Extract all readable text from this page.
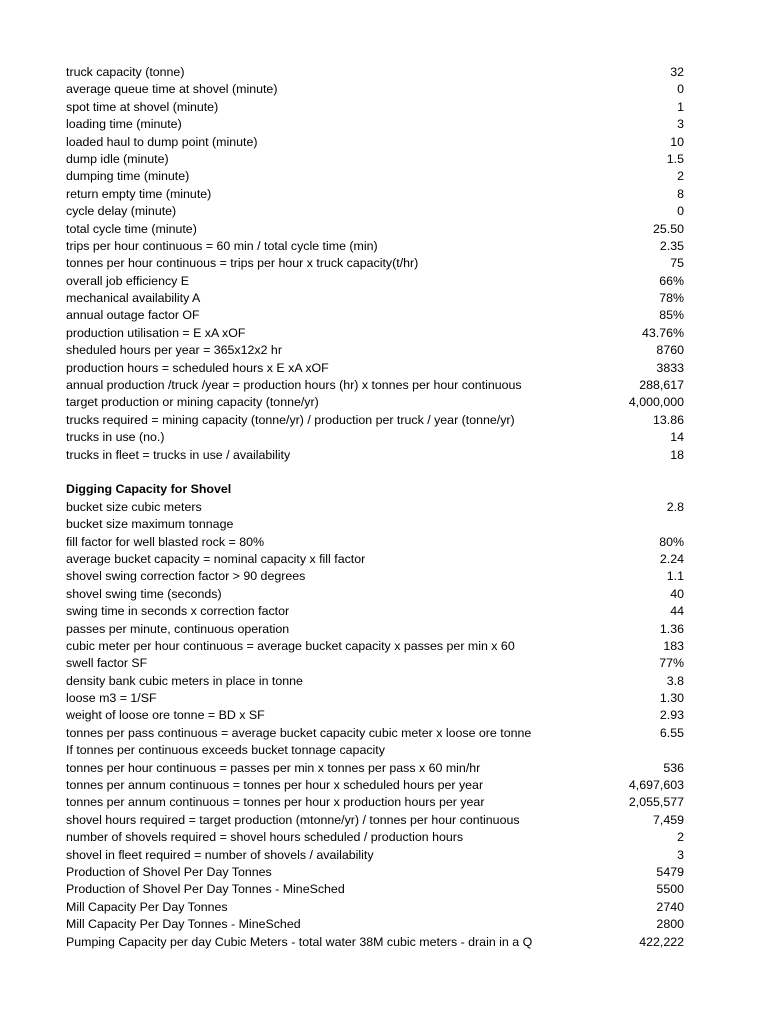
truck capacity (tonne)	32
average queue time at shovel (minute)	0
spot time at shovel (minute)	1
loading time (minute)	3
loaded haul to dump point (minute)	10
dump idle (minute)	1.5
dumping time (minute)	2
return empty time (minute)	8
cycle delay (minute)	0
total cycle time (minute)	25.50
trips per hour continuous = 60 min / total cycle time (min)	2.35
tonnes per hour continuous = trips per hour x truck capacity(t/hr)	75
overall job efficiency E	66%
mechanical availability A	78%
annual outage factor OF	85%
production utilisation = E xA xOF	43.76%
sheduled hours per year = 365x12x2 hr	8760
production hours = scheduled hours x E xA xOF	3833
annual production /truck /year = production hours (hr) x tonnes per hour continuous	288,617
target production or mining capacity (tonne/yr)	4,000,000
trucks required = mining capacity (tonne/yr) / production per truck / year (tonne/yr)	13.86
trucks in use (no.)	14
trucks in fleet = trucks in use / availability	18
Digging Capacity for Shovel
bucket size cubic meters	2.8
bucket size maximum tonnage
fill factor for well blasted rock = 80%	80%
average bucket capacity = nominal capacity x fill factor	2.24
shovel swing correction factor > 90 degrees	1.1
shovel swing time (seconds)	40
swing time in seconds x correction factor	44
passes per minute, continuous operation	1.36
cubic meter per hour continuous = average bucket capacity x passes per min x 60	183
swell factor SF	77%
density bank cubic meters in place in tonne	3.8
loose m3 = 1/SF	1.30
weight of loose ore tonne = BD x SF	2.93
tonnes per pass continuous = average bucket capacity cubic meter x loose ore tonne	6.55
If tonnes per continuous exceeds bucket tonnage capacity
tonnes per hour continuous = passes per min x tonnes per pass x 60 min/hr	536
tonnes per annum continuous = tonnes per hour x scheduled hours per year	4,697,603
tonnes per annum continuous = tonnes per hour x production hours per year	2,055,577
shovel hours required = target production (mtonne/yr) / tonnes per hour continuous	7,459
number of shovels required = shovel hours scheduled / production hours	2
shovel in fleet required = number of shovels / availability	3
Production of Shovel Per Day Tonnes	5479
Production of Shovel Per Day Tonnes - MineSched	5500
Mill Capacity Per Day Tonnes	2740
Mill Capacity Per Day Tonnes - MineSched	2800
Pumping Capacity per day Cubic Meters - total water 38M cubic meters - drain in a Q	422,222
